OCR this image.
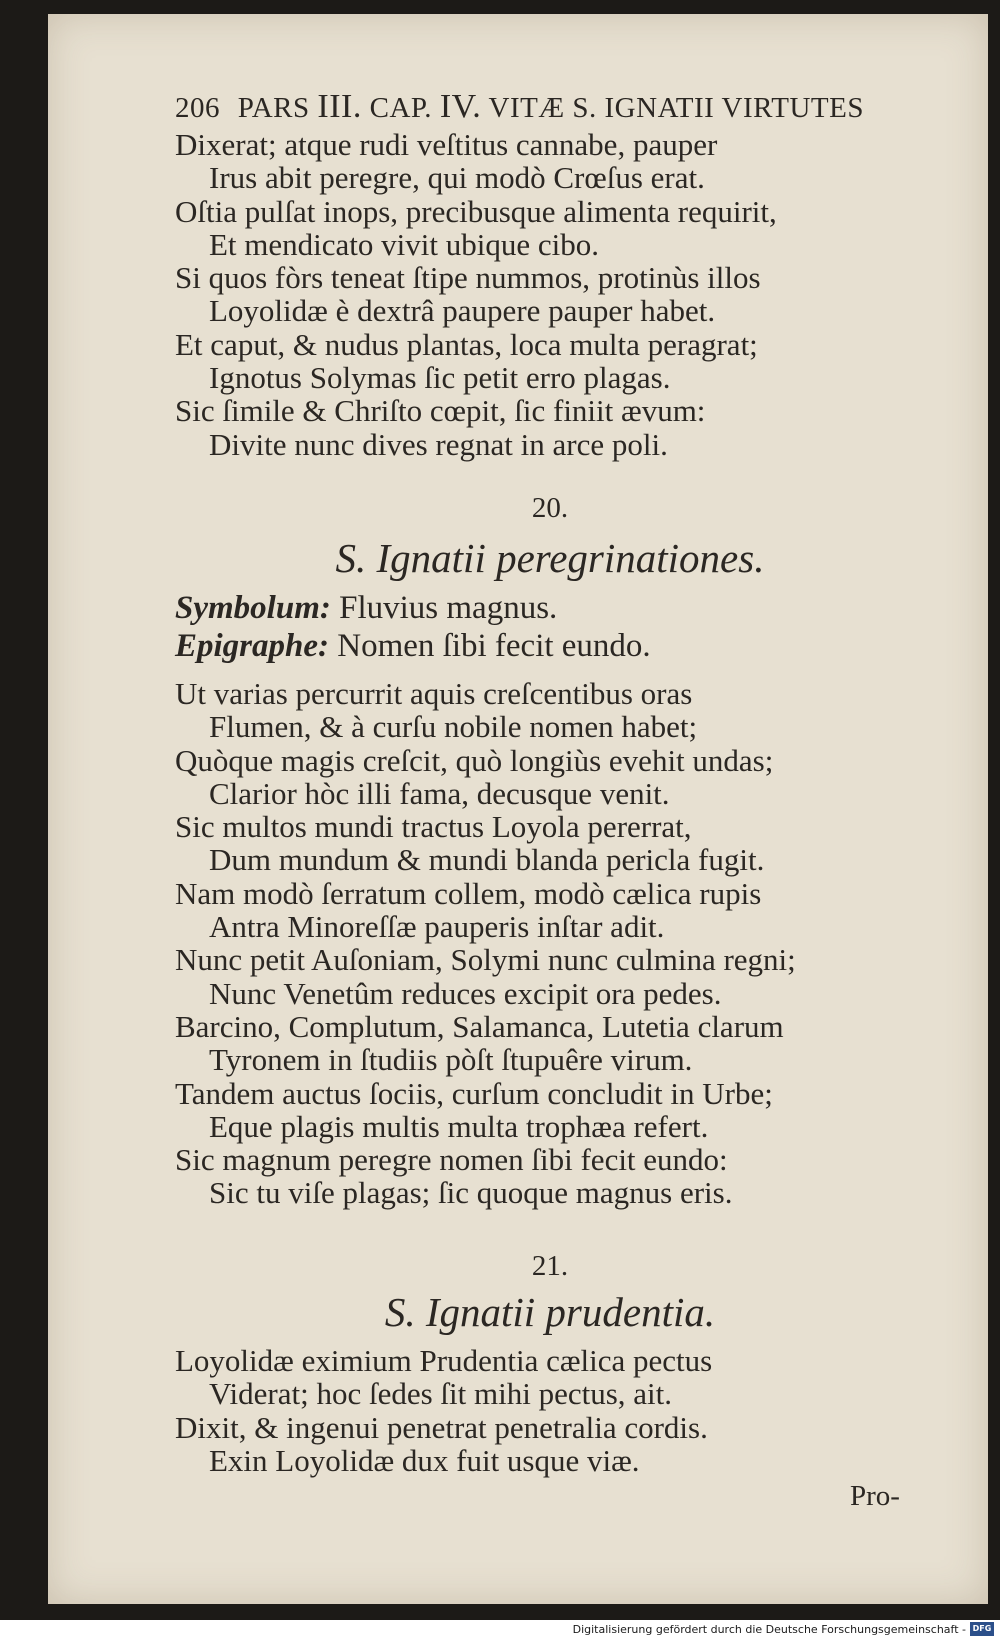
206 PARS III. CAP. IV. VITÆ S. IGNATII VIRTUTES
Dixerat; atque rudi veſtitus cannabe, pauper
Irus abit peregre, qui modò Crœſus erat.
Oſtia pulſat inops, precibusque alimenta requirit,
Et mendicato vivit ubique cibo.
Si quos fòrs teneat ſtipe nummos, protinùs illos
Loyolidæ è dextrâ paupere pauper habet.
Et caput, & nudus plantas, loca multa peragrat;
Ignotus Solymas ſic petit erro plagas.
Sic ſimile & Chriſto cœpit, ſic finiit ævum:
Divite nunc dives regnat in arce poli.
20.
S. Ignatii peregrinationes.
Symbolum: Fluvius magnus.
Epigraphe: Nomen ſibi fecit eundo.
Ut varias percurrit aquis creſcentibus oras
Flumen, & à curſu nobile nomen habet;
Quòque magis creſcit, quò longiùs evehit undas;
Clarior hòc illi fama, decusque venit.
Sic multos mundi tractus Loyola pererrat,
Dum mundum & mundi blanda pericla fugit.
Nam modò ſerratum collem, modò cælica rupis
Antra Minoreſſæ pauperis inſtar adit.
Nunc petit Auſoniam, Solymi nunc culmina regni;
Nunc Venetûm reduces excipit ora pedes.
Barcino, Complutum, Salamanca, Lutetia clarum
Tyronem in ſtudiis pòſt ſtupuêre virum.
Tandem auctus ſociis, curſum concludit in Urbe;
Eque plagis multis multa trophæa refert.
Sic magnum peregre nomen ſibi fecit eundo:
Sic tu viſe plagas; ſic quoque magnus eris.
21.
S. Ignatii prudentia.
Loyolidæ eximium Prudentia cælica pectus
Viderat; hoc ſedes ſit mihi pectus, ait.
Dixit, & ingenui penetrat penetralia cordis.
Exin Loyolidæ dux fuit usque viæ.
Pro-
Digitalisierung gefördert durch die Deutsche Forschungsgemeinschaft - DFG
